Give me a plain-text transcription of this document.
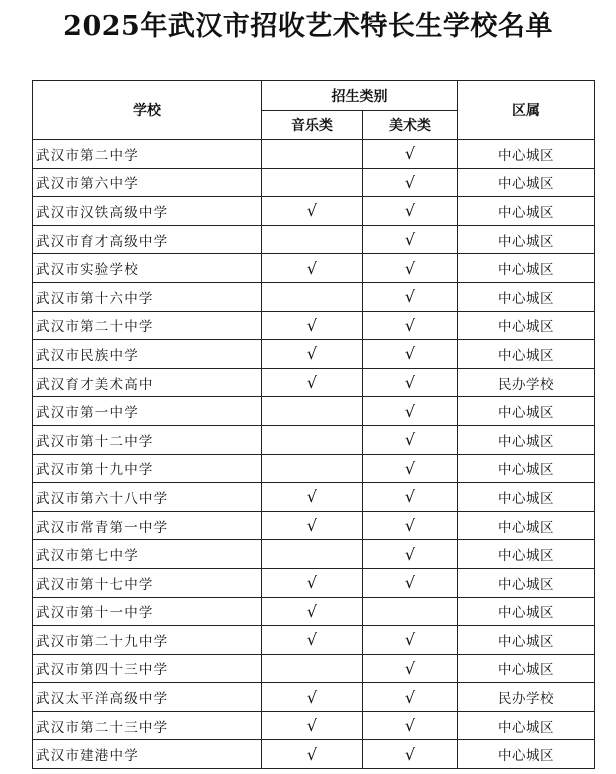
2025年武汉市招收艺术特长生学校名单
学校	招生类别		区属
	音乐类	美术类	
武汉市第二中学		√	中心城区
武汉市第六中学		√	中心城区
武汉市汉铁高级中学	√	√	中心城区
武汉市育才高级中学		√	中心城区
武汉市实验学校	√	√	中心城区
武汉市第十六中学		√	中心城区
武汉市第二十中学	√	√	中心城区
武汉市民族中学	√	√	中心城区
武汉育才美术高中	√	√	民办学校
武汉市第一中学		√	中心城区
武汉市第十二中学		√	中心城区
武汉市第十九中学		√	中心城区
武汉市第六十八中学	√	√	中心城区
武汉市常青第一中学	√	√	中心城区
武汉市第七中学		√	中心城区
武汉市第十七中学	√	√	中心城区
武汉市第十一中学	√		中心城区
武汉市第二十九中学	√	√	中心城区
武汉市第四十三中学		√	中心城区
武汉太平洋高级中学	√	√	民办学校
武汉市第二十三中学	√	√	中心城区
武汉市建港中学	√	√	中心城区
